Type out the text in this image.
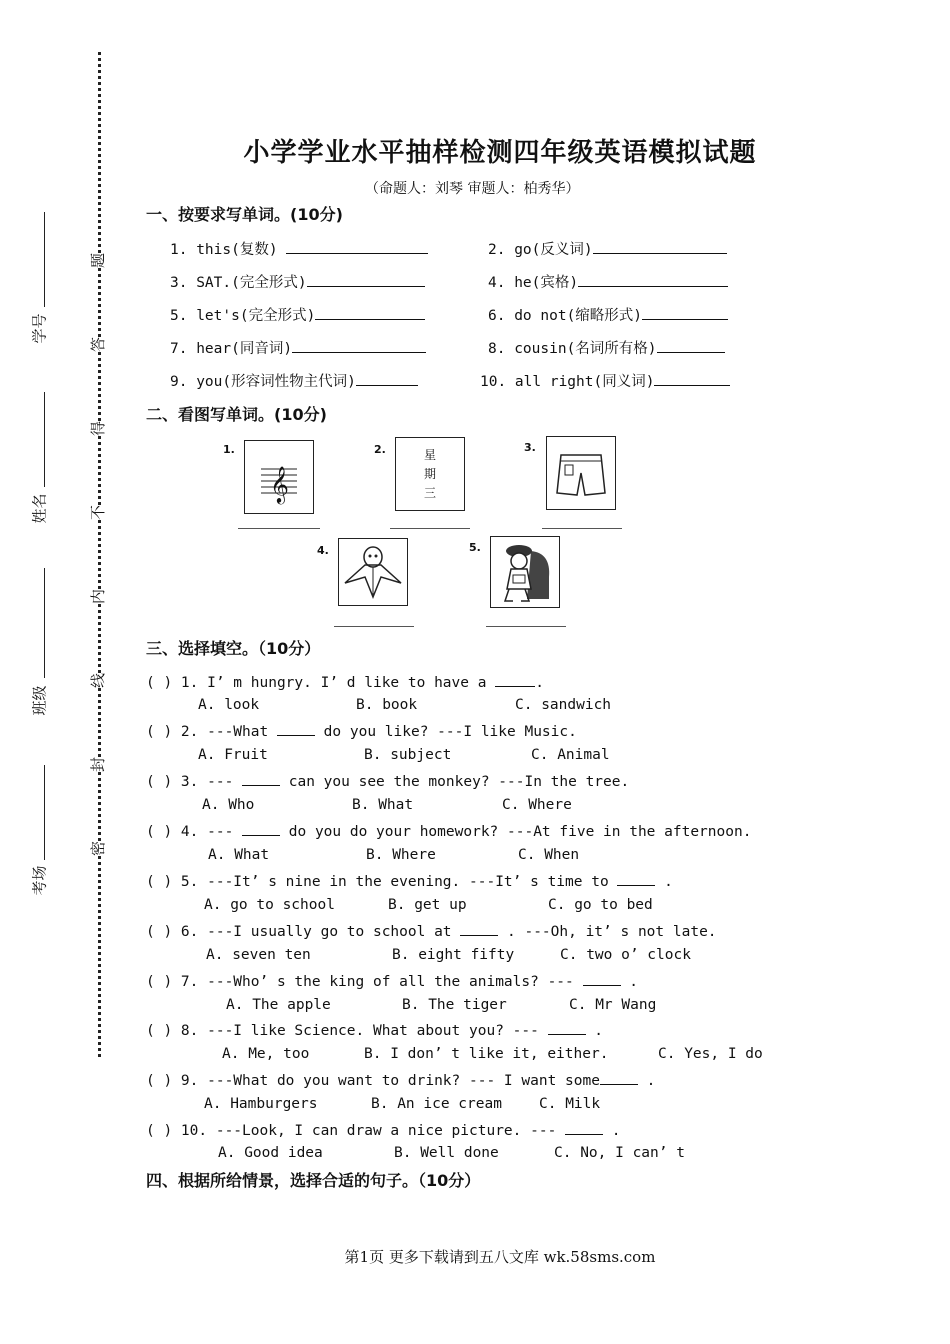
学号
姓名
班级
考场
题
答
得
不
内
线
封
密
小学学业水平抽样检测四年级英语模拟试题
（命题人：刘琴 审题人：柏秀华）
一、按要求写单词。(10分)
1. this(复数)	2. go(反义词)
3. SAT.(完全形式)	4. he(宾格)
5. let's(完全形式)	6. do not(缩略形式)
7. hear(同音词)	8. cousin(名词所有格)
9. you(形容词性物主代词)	10. all right(同义词)
二、看图写单词。(10分)
1.
𝄞
2.	星
期
三
3.
4.	5.
三、选择填空。（10分）
( ) 1. I’ m hungry. I’ d like to have a	.
A. look	B. book	C. sandwich
( ) 2. ---What	do you like? ---I like Music.
A. Fruit	B. subject	C. Animal
( ) 3. ---	can you see the monkey? ---In the tree.
A. Who	B. What	C. Where
( ) 4. ---	do you do your homework? ---At five in the afternoon.
A. What	B. Where	C. When
( ) 5. ---It’ s nine in the evening. ---It’ s time to	.
A. go to school	B. get up	C. go to bed
( ) 6. ---I usually go to school at	. ---Oh, it’ s not late.
A. seven ten	B. eight fifty	C. two o’ clock
( ) 7. ---Who’ s the king of all the animals? ---	.
A. The apple	B. The tiger	C. Mr Wang
( ) 8. ---I like Science. What about you? ---	.
A. Me, too	B. I don’ t like it, either.	C. Yes, I do
( ) 9. ---What do you want to drink? --- I want some	.
A. Hamburgers	B. An ice cream	C. Milk
( ) 10. ---Look, I can draw a nice picture. ---	.
A. Good idea	B. Well done	C. No, I can’ t
四、根据所给情景，选择合适的句子。（10分）
第1页 更多下载请到五八文库 wk.58sms.com
